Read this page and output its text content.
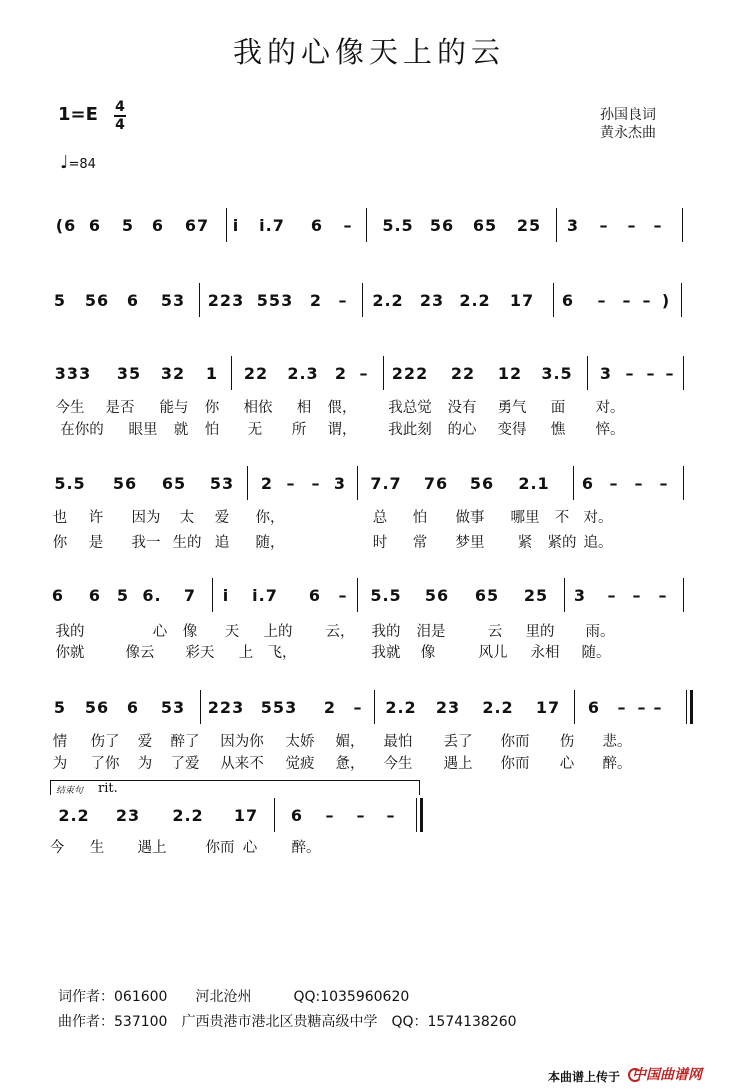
我的心像天上的云
1=E 4
4
孙国良词
黄永杰曲
♩=84
(6 6 5 6 67 i i.7 6 – 5.5 56 65 25 3 – – –
5 56 6 53 223 553 2 – 2.2 23 2.2 17 6 – – – )
333 35 32 1 22 2.3 2 – 222 22 12 3.5 3 – – –
5.5 56 65 53 2 – – 3 7.7 76 56 2.1 6 – – –
6 6 5 6. 7 i i.7 6 – 5.5 56 65 25 3 – – –
5 56 6 53 223 553 2 – 2.2 23 2.2 17 6 – – –
2.2 23 2.2 17 6 – – –
今生 是否 能与 你 相依 相 偎， 我总觉 没有 勇气 面 对。
在你的 眼里 就 怕 无 所 谓， 我此刻 的心 变得 憔 悴。
也 许 因为 太 爱 你，	总 怕 做事 哪里 不 对。
你 是 我一 生的 追 随，	时 常 梦里 紧 紧的 追。
我的	心 像 天 上的 云， 我的 泪是	云 里的 雨。
你就	像云 彩天 上 飞，	我就 像	风儿 永相 随。
情 伤了 爱 醉了 因为你 太娇 媚， 最怕 丢了 你而 伤 悲。
为 了你 为 了爱 从来不 觉疲 惫， 今生 遇上 你而 心 醉。
今 生 遇上	你而 心 醉。
结束句 rit.
词作者：061600　　河北沧州　　　QQ:1035960620
曲作者：537100　广西贵港市港北区贵糖高级中学　QQ：1574138260
本曲谱上传于 中国曲谱网
